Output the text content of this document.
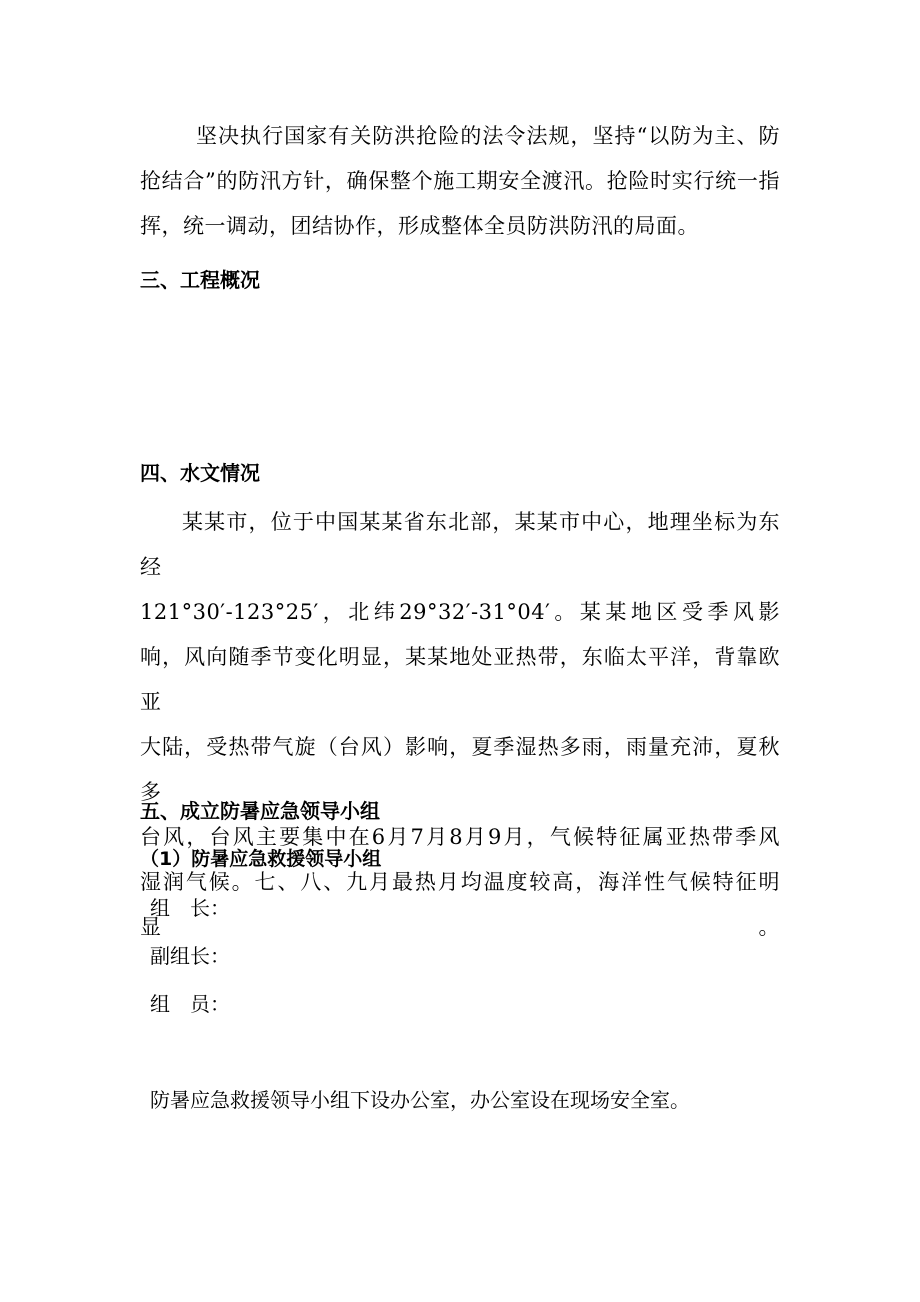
坚决执行国家有关防洪抢险的法令法规，坚持“以防为主、防
抢结合”的防汛方针，确保整个施工期安全渡汛。抢险时实行统一指
挥，统一调动，团结协作，形成整体全员防洪防汛的局面。
三、工程概况
四、水文情况
某某市，位于中国某某省东北部，某某市中心，地理坐标为东经
121°30′-123°25′，北纬29°32′-31°04′。某某地区受季风影
响，风向随季节变化明显，某某地处亚热带，东临太平洋，背靠欧亚
大陆，受热带气旋（台风）影响，夏季湿热多雨，雨量充沛，夏秋多
台风，台风主要集中在6月7月8月9月，气候特征属亚热带季风
湿润气候。七、八、九月最热月均温度较高，海洋性气候特征明显。
五、成立防暑应急领导小组
（1）防暑应急救援领导小组
组　长：
副组长：
组　员：
防暑应急救援领导小组下设办公室，办公室设在现场安全室。
